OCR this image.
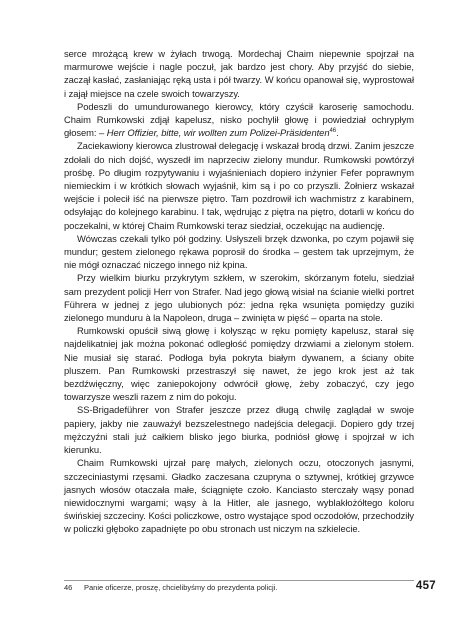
serce mrożącą krew w żyłach trwogą. Mordechaj Chaim niepewnie spojrzał na marmurowe wejście i nagle poczuł, jak bardzo jest chory. Aby przyjść do siebie, zaczął kasłać, zasłaniając ręką usta i pół twarzy. W końcu opanował się, wyprostował i zajął miejsce na czele swoich towarzyszy.

Podeszli do umundurowanego kierowcy, który czyścił karoserię samochodu. Chaim Rumkowski zdjął kapelusz, nisko pochylił głowę i powiedział ochrypłym głosem: – Herr Offizier, bitte, wir wollten zum Polizei-Präsidenten$^{46}$.

Zaciekawiony kierowca zlustrował delegację i wskazał brodą drzwi. Zanim jeszcze zdołali do nich dojść, wyszedł im naprzeciw zielony mundur. Rumkowski powtórzył prośbę. Po długim rozpytywaniu i wyjaśnieniach dopiero inżynier Fefer poprawnym niemieckim i w krótkich słowach wyjaśnił, kim są i po co przyszli. Żołnierz wskazał wejście i polecił iść na pierwsze piętro. Tam pozdrowił ich wachmistrz z karabinem, odsyłając do kolejnego karabinu. I tak, wędrując z piętra na piętro, dotarli w końcu do poczekalni, w której Chaim Rumkowski teraz siedział, oczekując na audiencję.

Wówczas czekali tylko pół godziny. Usłyszeli brzęk dzwonka, po czym pojawił się mundur; gestem zielonego rękawa poprosił do środka – gestem tak uprzejmym, że nie mógł oznaczać niczego innego niż kpina.

Przy wielkim biurku przykrytym szkłem, w szerokim, skórzanym fotelu, siedział sam prezydent policji Herr von Strafer. Nad jego głową wisiał na ścianie wielki portret Führera w jednej z jego ulubionych póz: jedna ręka wsunięta pomiędzy guziki zielonego munduru à la Napoleon, druga – zwinięta w pięść – oparta na stole.

Rumkowski opuścił siwą głowę i kołysząc w ręku pomięty kapelusz, starał się najdelikatniej jak można pokonać odległość pomiędzy drzwiami a zielonym stołem. Nie musiał się starać. Podłoga była pokryta białym dywanem, a ściany obite pluszem. Pan Rumkowski przestraszył się nawet, że jego krok jest aż tak bezdźwięczny, więc zaniepokojony odwrócił głowę, żeby zobaczyć, czy jego towarzysze weszli razem z nim do pokoju.

SS-Brigadeführer von Strafer jeszcze przez długą chwilę zaglądał w swoje papiery, jakby nie zauważył bezszelestnego nadejścia delegacji. Dopiero gdy trzej mężczyźni stali już całkiem blisko jego biurka, podniósł głowę i spojrzał w ich kierunku.

Chaim Rumkowski ujrzał parę małych, zielonych oczu, otoczonych jasnymi, szczeciniastymi rzęsami. Gładko zaczesana czupryna o sztywnej, krótkiej grzywce jasnych włosów otaczała małe, ściągnięte czoło. Kanciasto sterczały wąsy ponad niewidocznymi wargami; wąsy à la Hitler, ale jasnego, wyblakłożółtego koloru świńskiej szczeciny. Kości policzkowe, ostro wystające spod oczodołów, przechodziły w policzki głęboko zapadnięte po obu stronach ust niczym na szkielecie.

46 Panie oficerze, proszę, chcielibyśmy do prezydenta policji.	457
